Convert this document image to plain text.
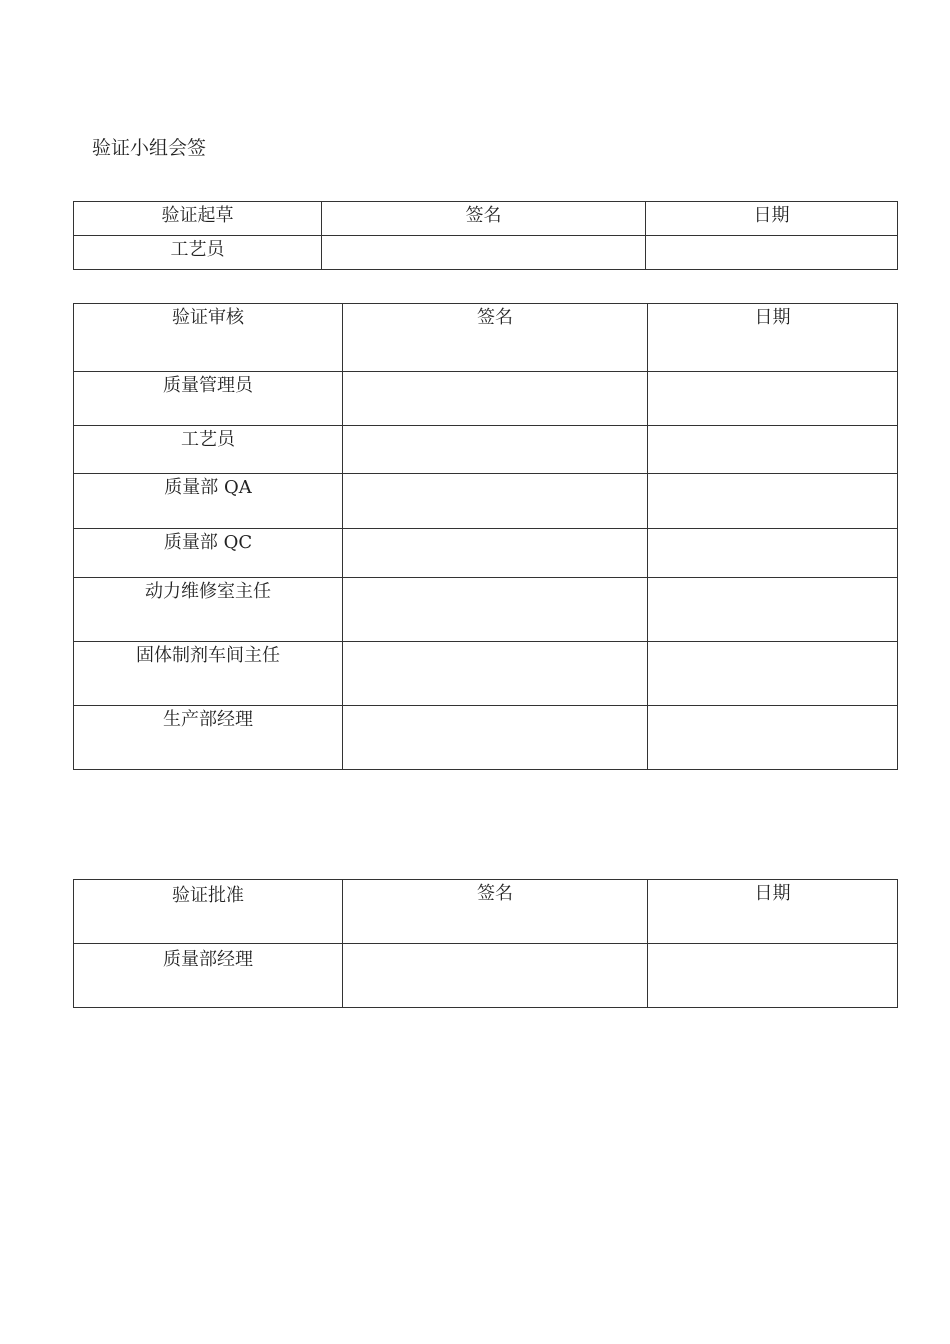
验证小组会签
验证起草	签名	日期

工艺员		

验证审核	签名	日期

质量管理员		

工艺员		

质量部 QA		

质量部 QC		

动力维修室主任		

固体制剂车间主任		

生产部经理		

验证批准	签名	日期

质量部经理		
